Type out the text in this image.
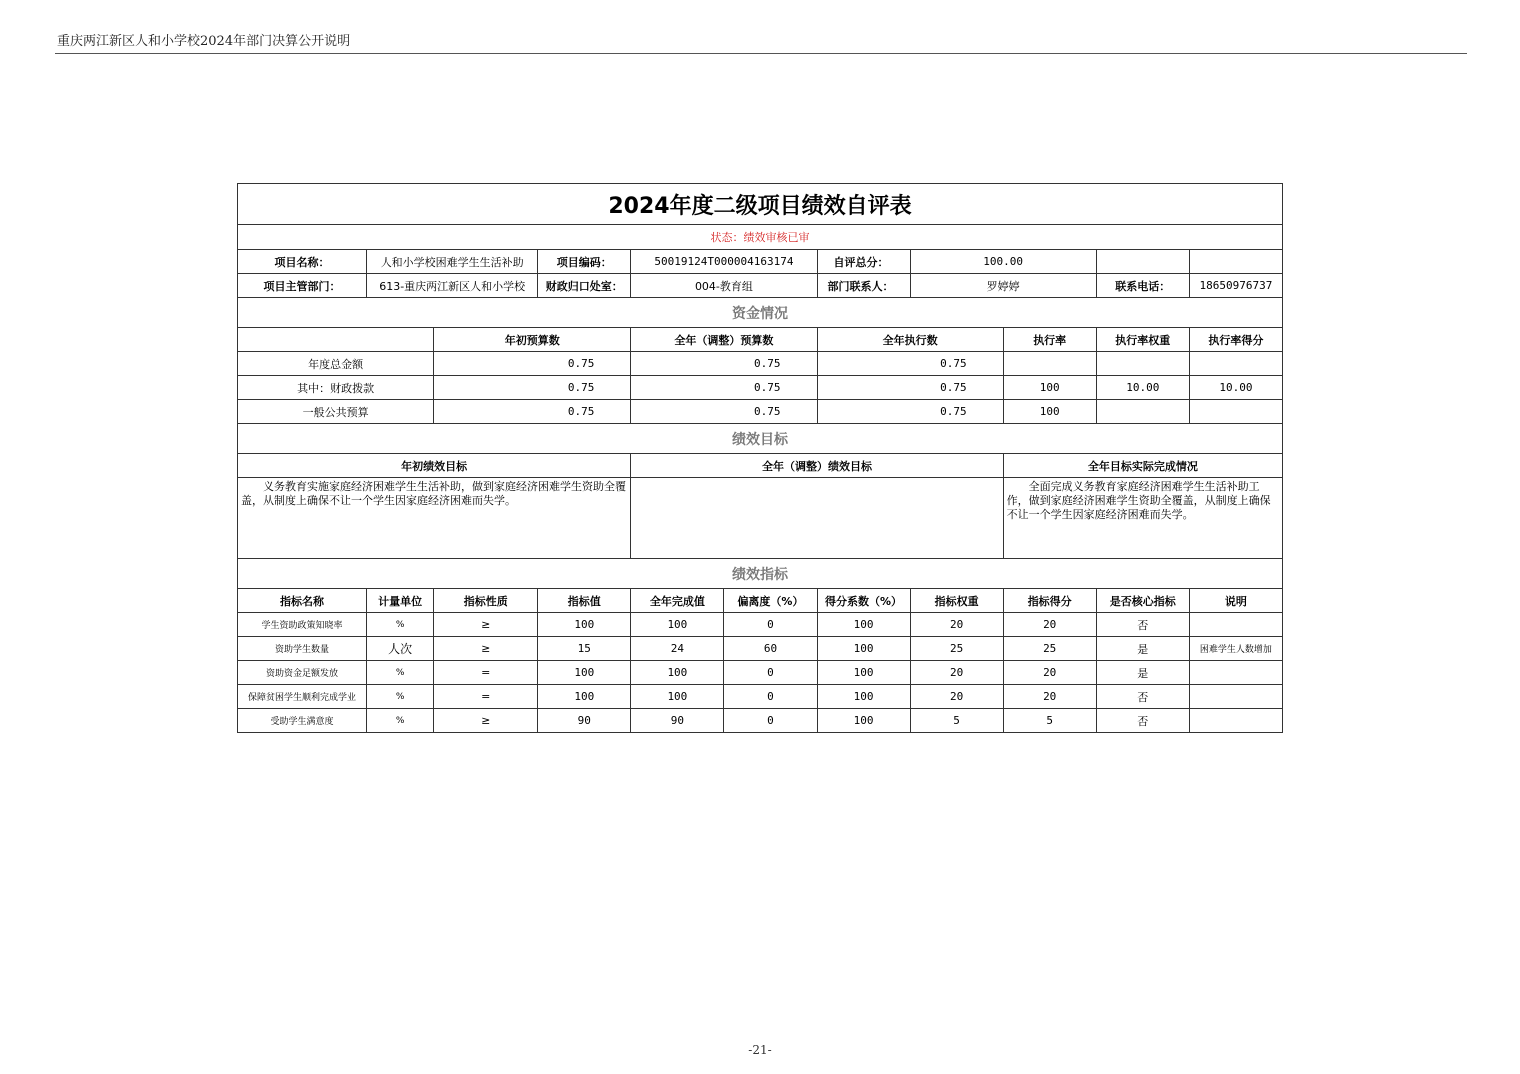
重庆两江新区人和小学校2024年部门决算公开说明
2024年度二级项目绩效自评表										
状态：绩效审核已审										
项目名称：	人和小学校困难学生生活补助		项目编码：	50019124T000004163174		自评总分：	100.00			
项目主管部门：	613-重庆两江新区人和小学校		财政归口处室：	004-教育组		部门联系人：	罗婷婷		联系电话：	18650976737
资金情况										
		年初预算数		全年（调整）预算数		全年执行数		执行率	执行率权重	执行率得分
年度总金额		0.75		0.75		0.75				
其中：财政拨款		0.75		0.75		0.75		100	10.00	10.00
一般公共预算		0.75		0.75		0.75		100		
绩效目标										
年初绩效目标				全年（调整）绩效目标				全年目标实际完成情况		
　　义务教育实施家庭经济困难学生生活补助，做到家庭经济困难学生资助全覆盖，从制度上确保不让一个学生因家庭经济困难而失学。								　　全面完成义务教育家庭经济困难学生生活补助工作，做到家庭经济困难学生资助全覆盖，从制度上确保不让一个学生因家庭经济困难而失学。		
绩效指标										
指标名称	计量单位	指标性质	指标值	全年完成值	偏离度（%）	得分系数（%）	指标权重	指标得分	是否核心指标	说明
学生资助政策知晓率	%	≥	100	100	0	100	20	20	否	
资助学生数量	人次	≥	15	24	60	100	25	25	是	困难学生人数增加
资助资金足额发放	%	=	100	100	0	100	20	20	是	
保障贫困学生顺利完成学业	%	=	100	100	0	100	20	20	否	
受助学生满意度	%	≥	90	90	0	100	5	5	否	
-21-
